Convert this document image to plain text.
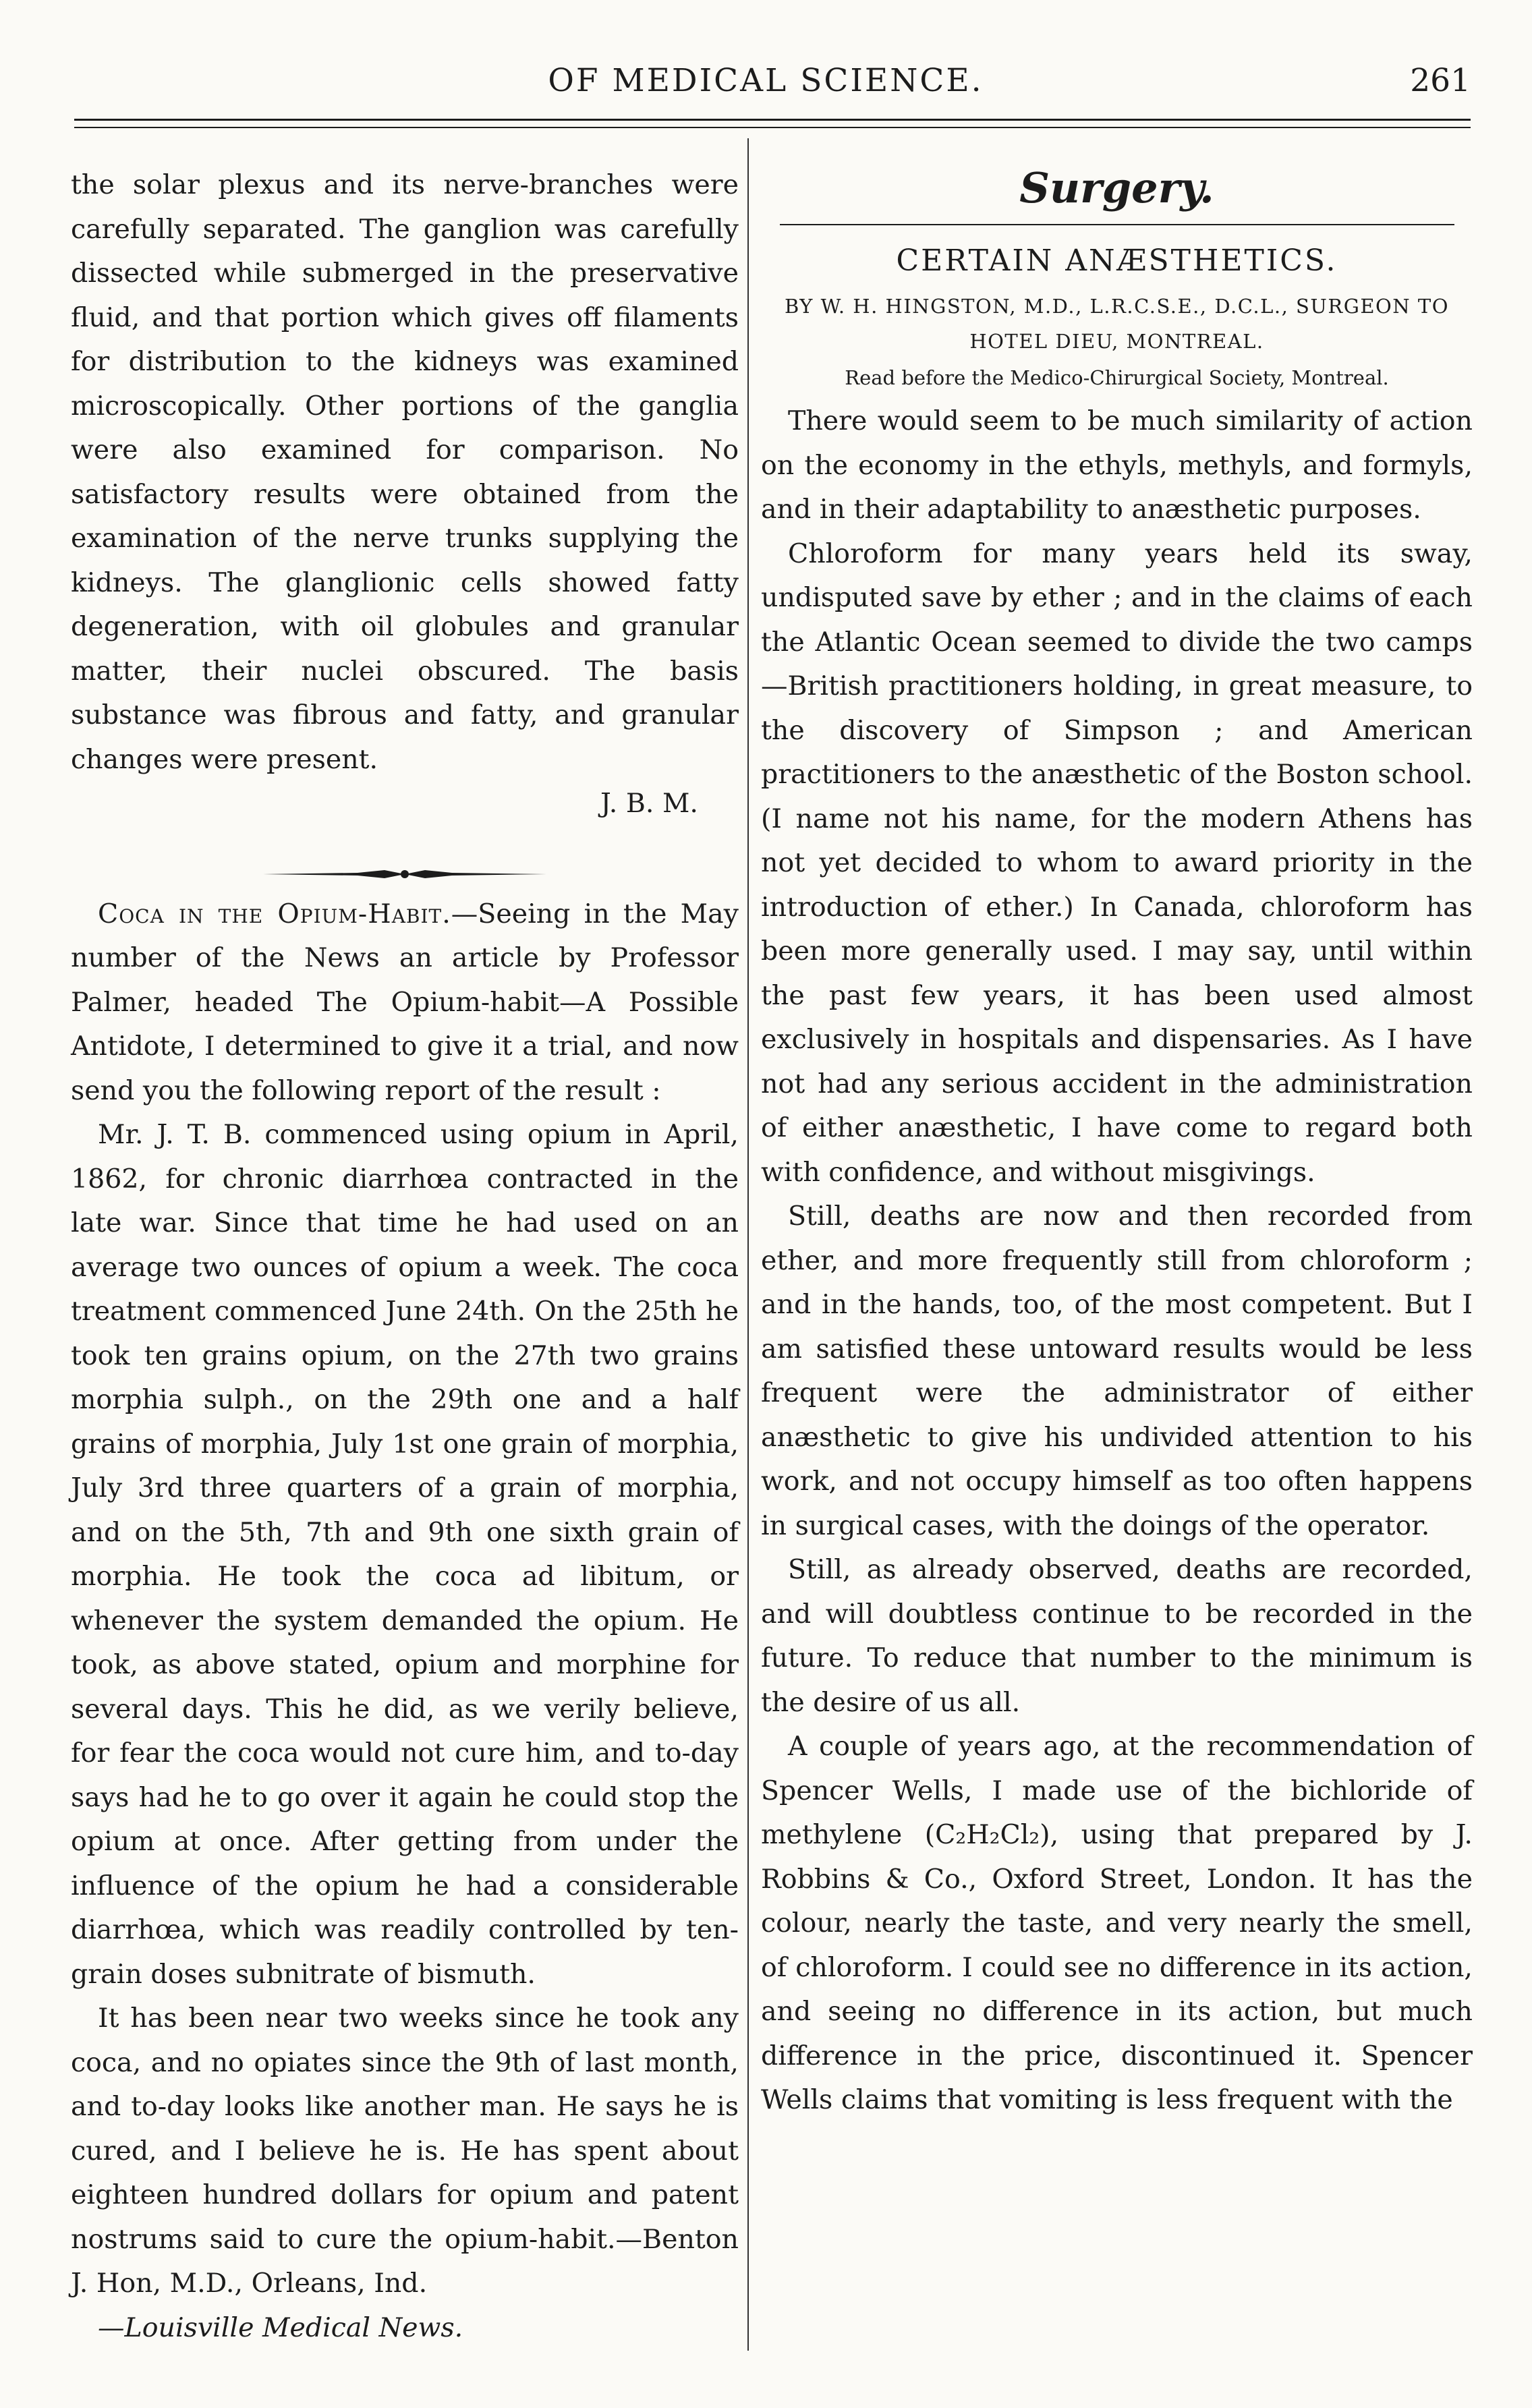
OF MEDICAL SCIENCE.	261

the solar plexus and its nerve-branches were carefully separated. The ganglion was carefully dissected while submerged in the preservative fluid, and that portion which gives off filaments for distribution to the kidneys was examined microscopically. Other portions of the ganglia were also examined for comparison. No satisfactory results were obtained from the examination of the nerve trunks supplying the kidneys. The glanglionic cells showed fatty degeneration, with oil globules and granular matter, their nuclei obscured. The basis substance was fibrous and fatty, and granular changes were present.

J. B. M.

Coca in the Opium-Habit.—Seeing in the May number of the News an article by Professor Palmer, headed The Opium-habit—A Possible Antidote, I determined to give it a trial, and now send you the following report of the result :

Mr. J. T. B. commenced using opium in April, 1862, for chronic diarrhœa contracted in the late war. Since that time he had used on an average two ounces of opium a week. The coca treatment commenced June 24th. On the 25th he took ten grains opium, on the 27th two grains morphia sulph., on the 29th one and a half grains of morphia, July 1st one grain of morphia, July 3rd three quarters of a grain of morphia, and on the 5th, 7th and 9th one sixth grain of morphia. He took the coca ad libitum, or whenever the system demanded the opium. He took, as above stated, opium and morphine for several days. This he did, as we verily believe, for fear the coca would not cure him, and to-day says had he to go over it again he could stop the opium at once. After getting from under the influence of the opium he had a considerable diarrhœa, which was readily controlled by ten-grain doses subnitrate of bismuth.

It has been near two weeks since he took any coca, and no opiates since the 9th of last month, and to-day looks like another man. He says he is cured, and I believe he is. He has spent about eighteen hundred dollars for opium and patent nostrums said to cure the opium-habit.—Benton J. Hon, M.D., Orleans, Ind.

—Louisville Medical News.

Surgery.
CERTAIN ANÆSTHETICS.
BY W. H. HINGSTON, M.D., L.R.C.S.E., D.C.L., SURGEON TO HOTEL DIEU, MONTREAL.
Read before the Medico-Chirurgical Society, Montreal.

There would seem to be much similarity of action on the economy in the ethyls, methyls, and formyls, and in their adaptability to anæsthetic purposes.

Chloroform for many years held its sway, undisputed save by ether ; and in the claims of each the Atlantic Ocean seemed to divide the two camps—British practitioners holding, in great measure, to the discovery of Simpson ; and American practitioners to the anæsthetic of the Boston school. (I name not his name, for the modern Athens has not yet decided to whom to award priority in the introduction of ether.) In Canada, chloroform has been more generally used. I may say, until within the past few years, it has been used almost exclusively in hospitals and dispensaries. As I have not had any serious accident in the administration of either anæsthetic, I have come to regard both with confidence, and without misgivings.

Still, deaths are now and then recorded from ether, and more frequently still from chloroform ; and in the hands, too, of the most competent. But I am satisfied these untoward results would be less frequent were the administrator of either anæsthetic to give his undivided attention to his work, and not occupy himself as too often happens in surgical cases, with the doings of the operator.

Still, as already observed, deaths are recorded, and will doubtless continue to be recorded in the future. To reduce that number to the minimum is the desire of us all.

A couple of years ago, at the recommendation of Spencer Wells, I made use of the bichloride of methylene (C₂H₂Cl₂), using that prepared by J. Robbins & Co., Oxford Street, London. It has the colour, nearly the taste, and very nearly the smell, of chloroform. I could see no difference in its action, and seeing no difference in its action, but much difference in the price, discontinued it. Spencer Wells claims that vomiting is less frequent with the
